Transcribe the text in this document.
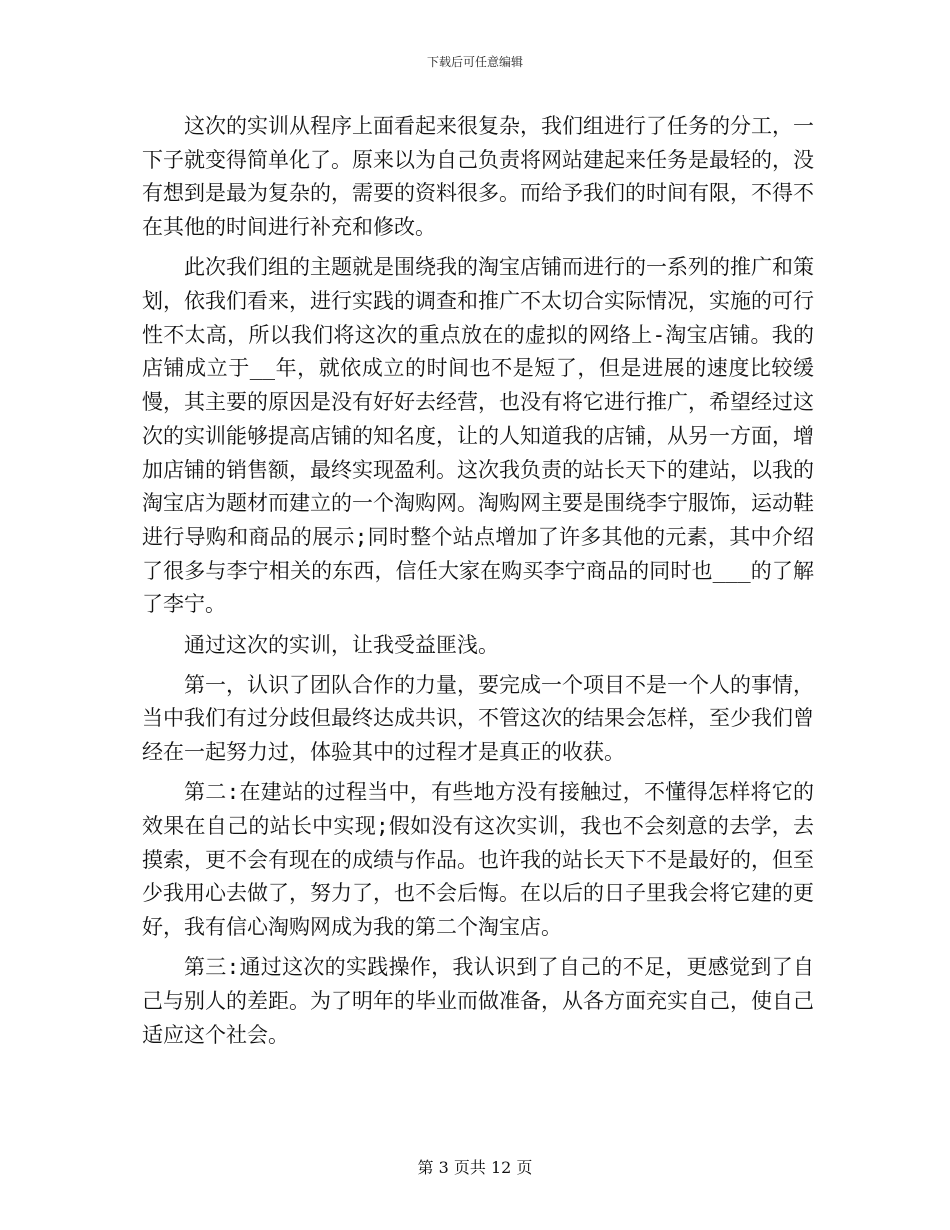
下载后可任意编辑

这次的实训从程序上面看起来很复杂，我们组进行了任务的分工，一下子就变得简单化了。原来以为自己负责将网站建起来任务是最轻的，没有想到是最为复杂的，需要的资料很多。而给予我们的时间有限，不得不在其他的时间进行补充和修改。

此次我们组的主题就是围绕我的淘宝店铺而进行的一系列的推广和策划，依我们看来，进行实践的调查和推广不太切合实际情况，实施的可行性不太高，所以我们将这次的重点放在的虚拟的网络上-淘宝店铺。我的店铺成立于__年，就依成立的时间也不是短了，但是进展的速度比较缓慢，其主要的原因是没有好好去经营，也没有将它进行推广，希望经过这次的实训能够提高店铺的知名度，让的人知道我的店铺，从另一方面，增加店铺的销售额，最终实现盈利。这次我负责的站长天下的建站，以我的淘宝店为题材而建立的一个淘购网。淘购网主要是围绕李宁服饰，运动鞋进行导购和商品的展示;同时整个站点增加了许多其他的元素，其中介绍了很多与李宁相关的东西，信任大家在购买李宁商品的同时也___的了解了李宁。

通过这次的实训，让我受益匪浅。

第一，认识了团队合作的力量，要完成一个项目不是一个人的事情，当中我们有过分歧但最终达成共识，不管这次的结果会怎样，至少我们曾经在一起努力过，体验其中的过程才是真正的收获。

第二:在建站的过程当中，有些地方没有接触过，不懂得怎样将它的效果在自己的站长中实现;假如没有这次实训，我也不会刻意的去学，去摸索，更不会有现在的成绩与作品。也许我的站长天下不是最好的，但至少我用心去做了，努力了，也不会后悔。在以后的日子里我会将它建的更好，我有信心淘购网成为我的第二个淘宝店。

第三:通过这次的实践操作，我认识到了自己的不足，更感觉到了自己与别人的差距。为了明年的毕业而做准备，从各方面充实自己，使自己适应这个社会。

第 3 页共 12 页
